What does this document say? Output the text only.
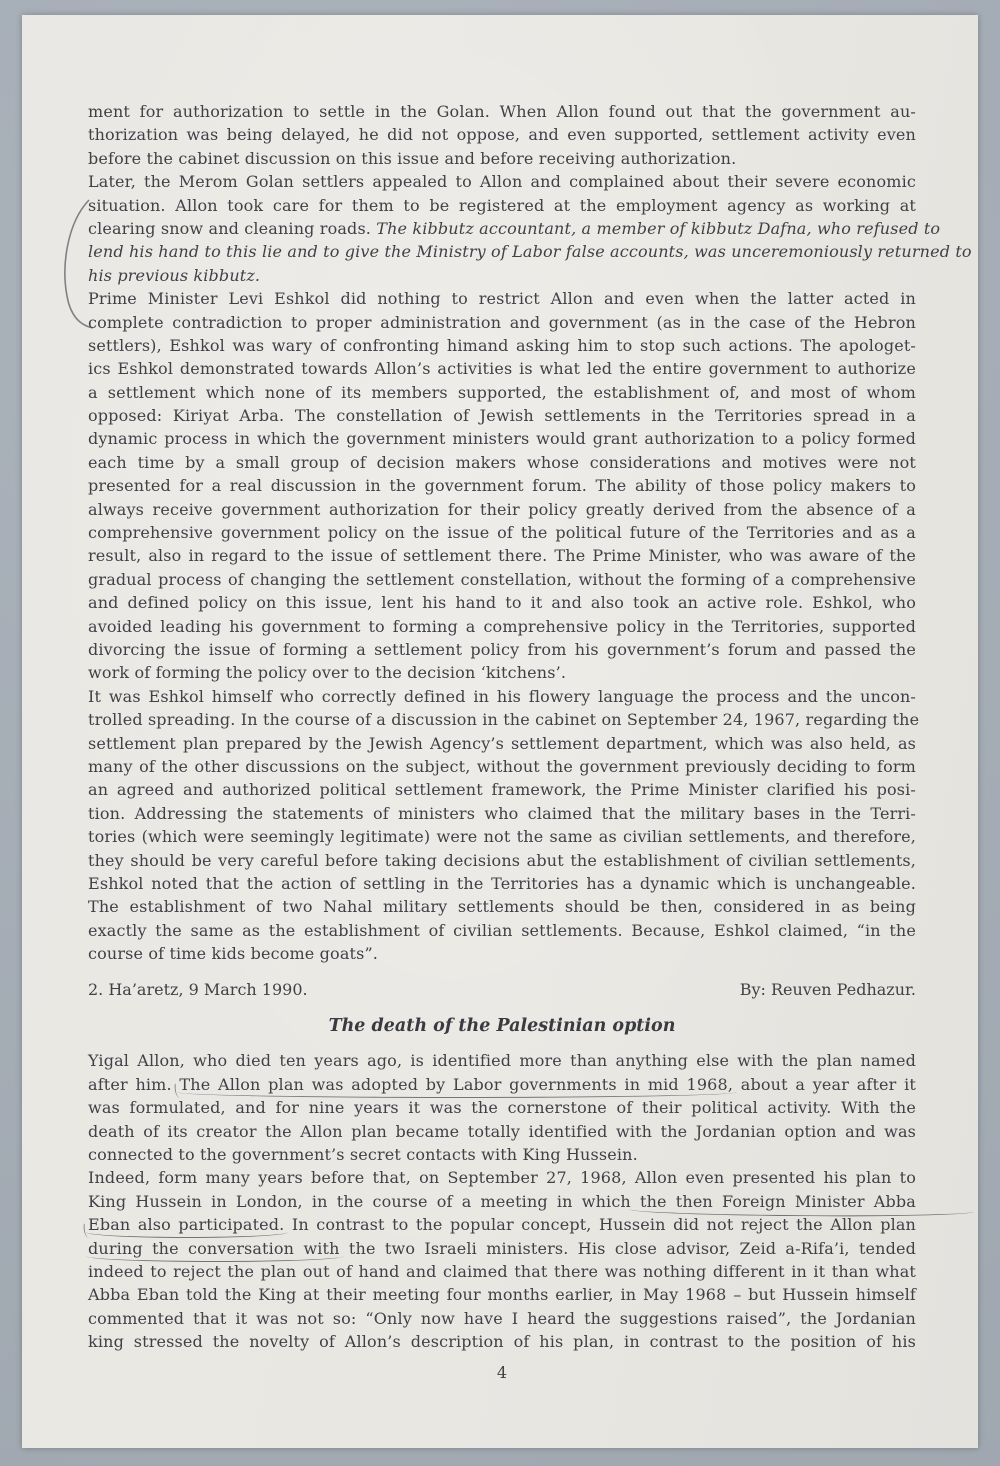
ment for authorization to settle in the Golan. When Allon found out that the government au-
thorization was being delayed, he did not oppose, and even supported, settlement activity even
before the cabinet discussion on this issue and before receiving authorization.
Later, the Merom Golan settlers appealed to Allon and complained about their severe economic
situation. Allon took care for them to be registered at the employment agency as working at
clearing snow and cleaning roads. The kibbutz accountant, a member of kibbutz Dafna, who refused to
lend his hand to this lie and to give the Ministry of Labor false accounts, was unceremoniously returned to
his previous kibbutz.
Prime Minister Levi Eshkol did nothing to restrict Allon and even when the latter acted in
complete contradiction to proper administration and government (as in the case of the Hebron
settlers), Eshkol was wary of confronting himand asking him to stop such actions. The apologet-
ics Eshkol demonstrated towards Allon’s activities is what led the entire government to authorize
a settlement which none of its members supported, the establishment of, and most of whom
opposed: Kiriyat Arba. The constellation of Jewish settlements in the Territories spread in a
dynamic process in which the government ministers would grant authorization to a policy formed
each time by a small group of decision makers whose considerations and motives were not
presented for a real discussion in the government forum. The ability of those policy makers to
always receive government authorization for their policy greatly derived from the absence of a
comprehensive government policy on the issue of the political future of the Territories and as a
result, also in regard to the issue of settlement there. The Prime Minister, who was aware of the
gradual process of changing the settlement constellation, without the forming of a comprehensive
and defined policy on this issue, lent his hand to it and also took an active role. Eshkol, who
avoided leading his government to forming a comprehensive policy in the Territories, supported
divorcing the issue of forming a settlement policy from his government’s forum and passed the
work of forming the policy over to the decision ‘kitchens’.
It was Eshkol himself who correctly defined in his flowery language the process and the uncon-
trolled spreading. In the course of a discussion in the cabinet on September 24, 1967, regarding the
settlement plan prepared by the Jewish Agency’s settlement department, which was also held, as
many of the other discussions on the subject, without the government previously deciding to form
an agreed and authorized political settlement framework, the Prime Minister clarified his posi-
tion. Addressing the statements of ministers who claimed that the military bases in the Terri-
tories (which were seemingly legitimate) were not the same as civilian settlements, and therefore,
they should be very careful before taking decisions abut the establishment of civilian settlements,
Eshkol noted that the action of settling in the Territories has a dynamic which is unchangeable.
The establishment of two Nahal military settlements should be then, considered in as being
exactly the same as the establishment of civilian settlements. Because, Eshkol claimed, “in the
course of time kids become goats”.
2. Ha’aretz, 9 March 1990.	By: Reuven Pedhazur.
The death of the Palestinian option
Yigal Allon, who died ten years ago, is identified more than anything else with the plan named
after him. The Allon plan was adopted by Labor governments in mid 1968, about a year after it
was formulated, and for nine years it was the cornerstone of their political activity. With the
death of its creator the Allon plan became totally identified with the Jordanian option and was
connected to the government’s secret contacts with King Hussein.
Indeed, form many years before that, on September 27, 1968, Allon even presented his plan to
King Hussein in London, in the course of a meeting in which the then Foreign Minister Abba
Eban also participated. In contrast to the popular concept, Hussein did not reject the Allon plan
during the conversation with the two Israeli ministers. His close advisor, Zeid a-Rifa’i, tended
indeed to reject the plan out of hand and claimed that there was nothing different in it than what
Abba Eban told the King at their meeting four months earlier, in May 1968 – but Hussein himself
commented that it was not so: “Only now have I heard the suggestions raised”, the Jordanian
king stressed the novelty of Allon’s description of his plan, in contrast to the position of his
4
